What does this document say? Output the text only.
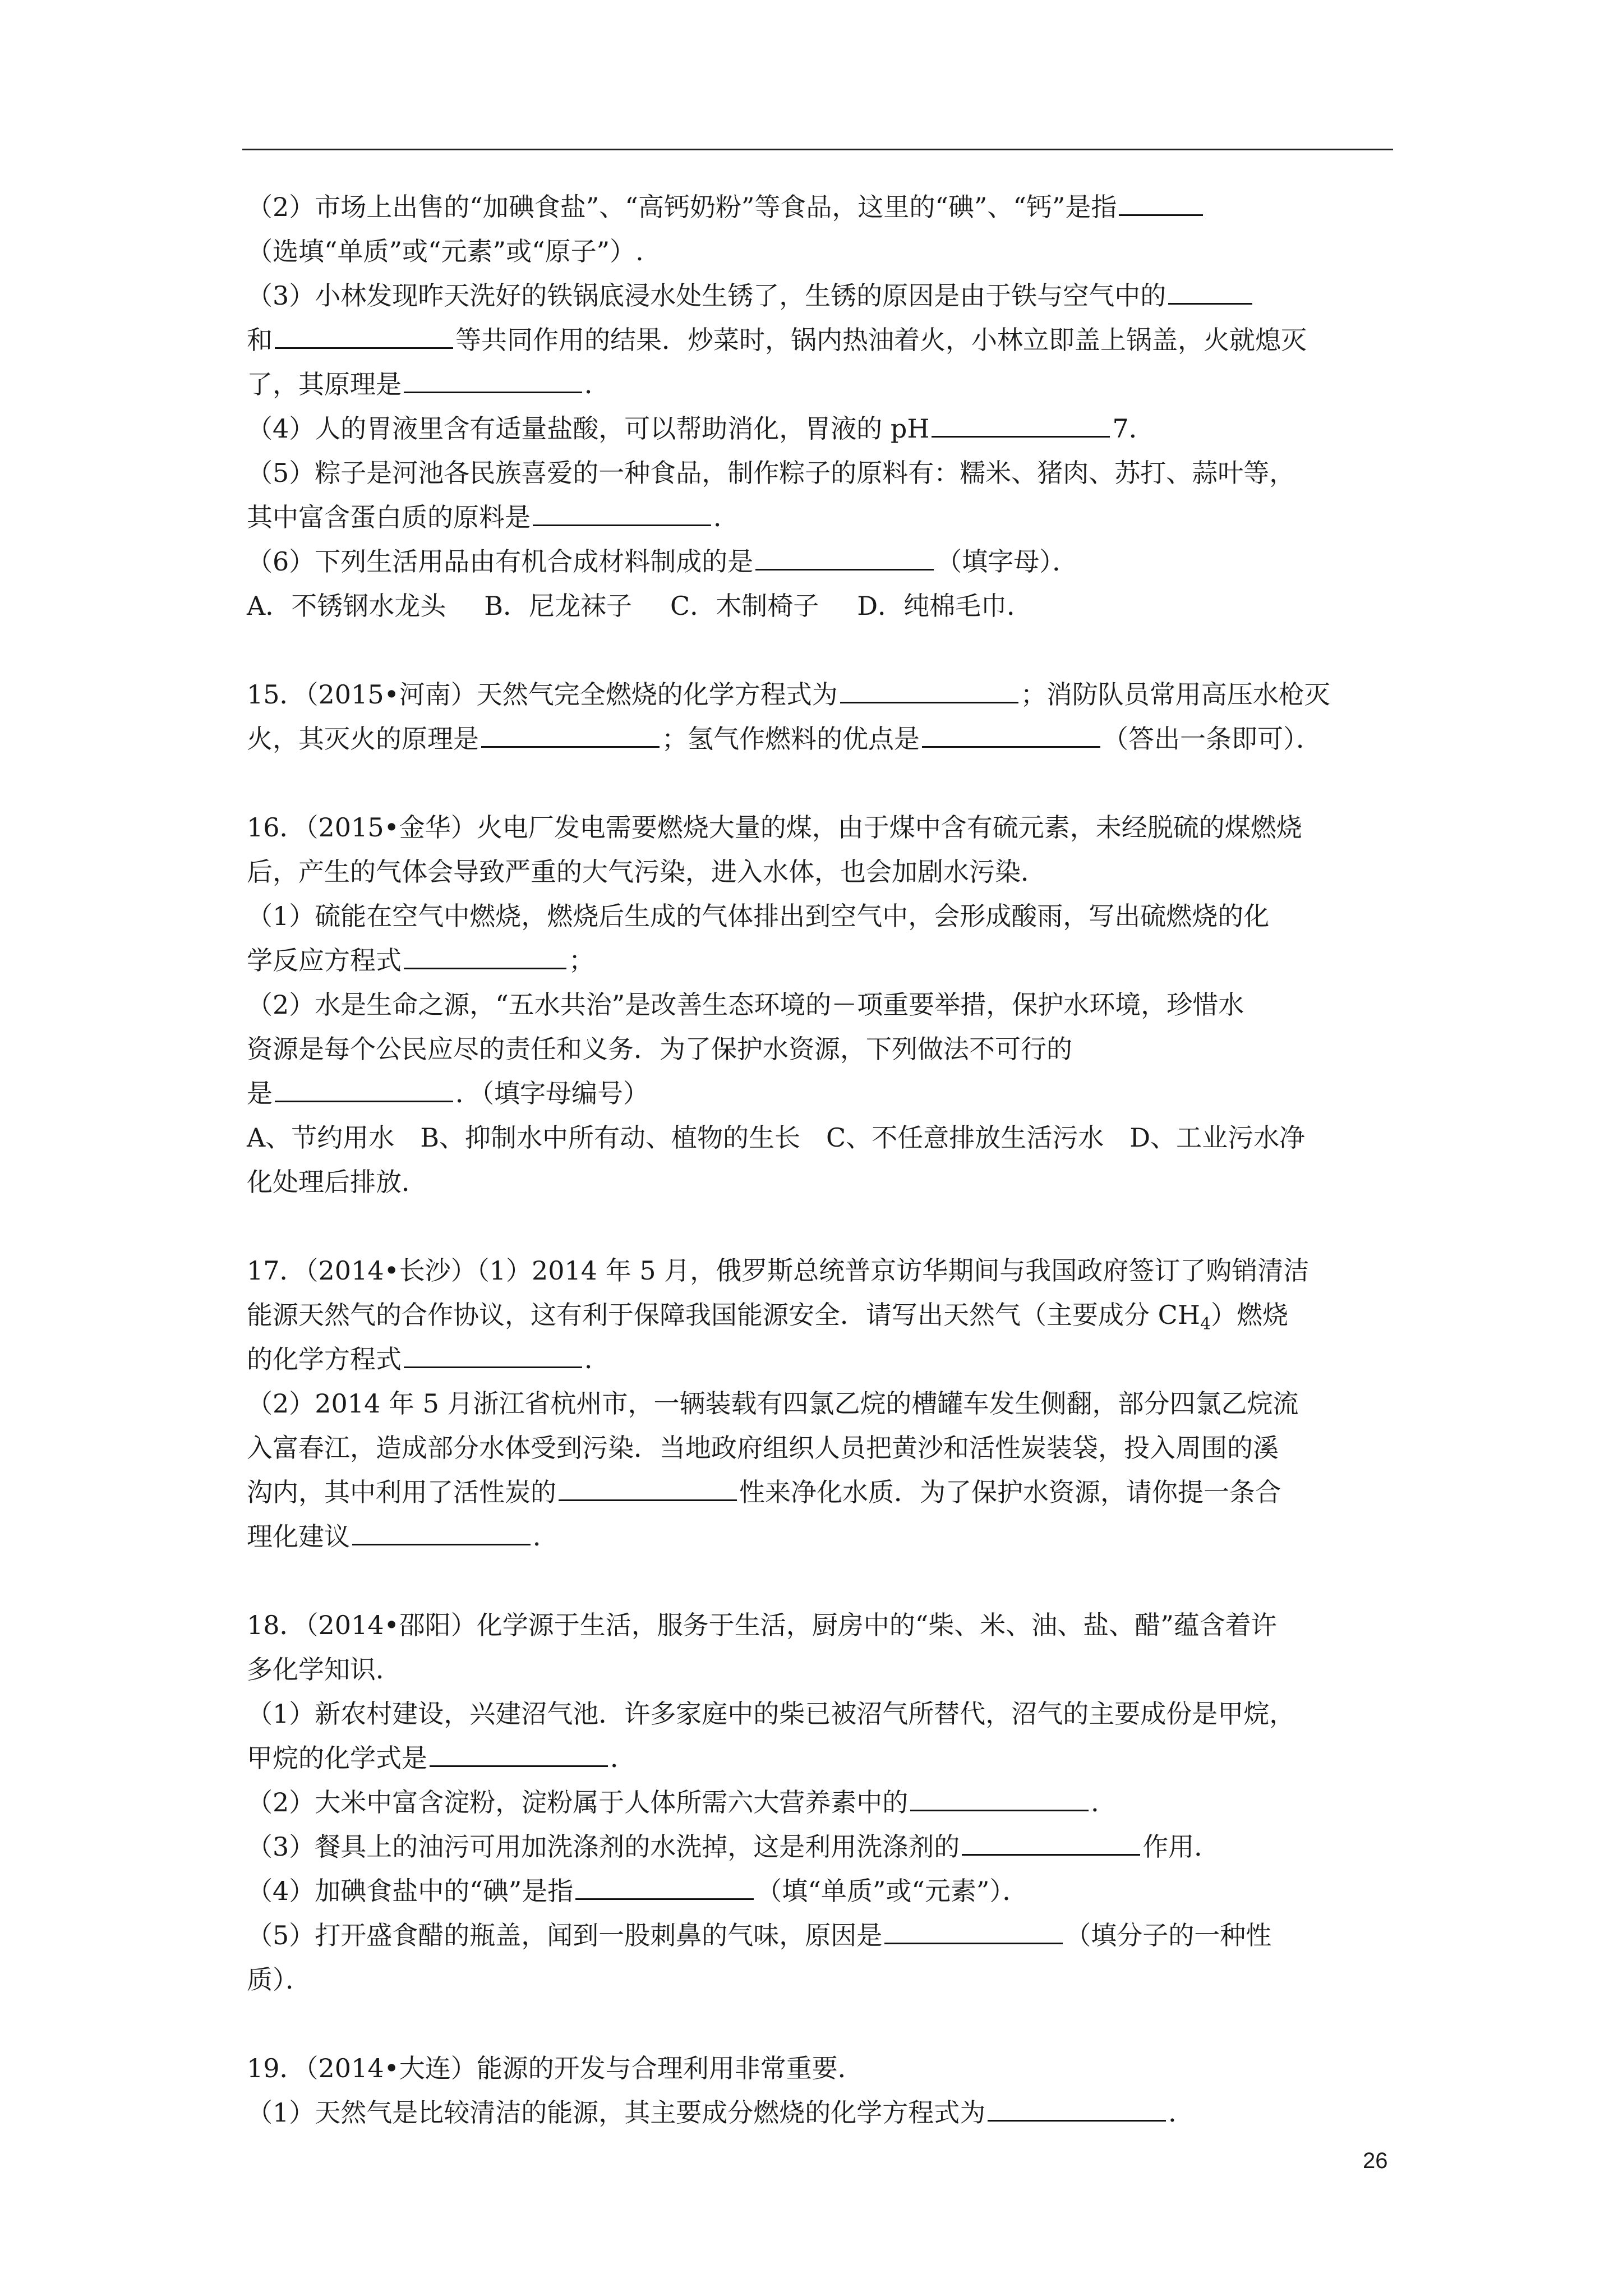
（2）市场上出售的“加碘食盐”、“高钙奶粉”等食品，这里的“碘”、“钙”是指
（选填“单质”或“元素”或“原子”）.
（3）小林发现昨天洗好的铁锅底浸水处生锈了，生锈的原因是由于铁与空气中的
和	等共同作用的结果．炒菜时，锅内热油着火，小林立即盖上锅盖，火就熄灭
了，其原理是	．
（4）人的胃液里含有适量盐酸，可以帮助消化，胃液的 pH	7．
（5）粽子是河池各民族喜爱的一种食品，制作粽子的原料有：糯米、猪肉、苏打、蒜叶等，
其中富含蛋白质的原料是	．
（6）下列生活用品由有机合成材料制成的是	（填字母）．
A．不锈钢水龙头 B．尼龙袜子 C．木制椅子 D．纯棉毛巾．
15．（2015•河南）天然气完全燃烧的化学方程式为	；消防队员常用高压水枪灭
火，其灭火的原理是	；氢气作燃料的优点是	（答出一条即可）．
16．（2015•金华）火电厂发电需要燃烧大量的煤，由于煤中含有硫元素，未经脱硫的煤燃烧
后，产生的气体会导致严重的大气污染，进入水体，也会加剧水污染．
（1）硫能在空气中燃烧，燃烧后生成的气体排出到空气中，会形成酸雨，写出硫燃烧的化
学反应方程式	；
（2）水是生命之源，“五水共治”是改善生态环境的－项重要举措，保护水环境，珍惜水
资源是每个公民应尽的责任和义务．为了保护水资源，下列做法不可行的
是	．（填字母编号）
A、节约用水　B、抑制水中所有动、植物的生长　C、不任意排放生活污水　D、工业污水净
化处理后排放．
17．（2014•长沙）（1）2014 年 5 月，俄罗斯总统普京访华期间与我国政府签订了购销清洁
能源天然气的合作协议，这有利于保障我国能源安全．请写出天然气（主要成分 $CH_4$）燃烧
的化学方程式	．
（2）2014 年 5 月浙江省杭州市，一辆装载有四氯乙烷的槽罐车发生侧翻，部分四氯乙烷流
入富春江，造成部分水体受到污染．当地政府组织人员把黄沙和活性炭装袋，投入周围的溪
沟内，其中利用了活性炭的	性来净化水质．为了保护水资源，请你提一条合
理化建议	．
18．（2014•邵阳）化学源于生活，服务于生活，厨房中的“柴、米、油、盐、醋”蕴含着许
多化学知识．
（1）新农村建设，兴建沼气池．许多家庭中的柴已被沼气所替代，沼气的主要成份是甲烷，
甲烷的化学式是	．
（2）大米中富含淀粉，淀粉属于人体所需六大营养素中的	．
（3）餐具上的油污可用加洗涤剂的水洗掉，这是利用洗涤剂的	作用．
（4）加碘食盐中的“碘”是指	（填“单质”或“元素”）．
（5）打开盛食醋的瓶盖，闻到一股刺鼻的气味，原因是	（填分子的一种性
质）．
19．（2014•大连）能源的开发与合理利用非常重要．
（1）天然气是比较清洁的能源，其主要成分燃烧的化学方程式为	．
26
